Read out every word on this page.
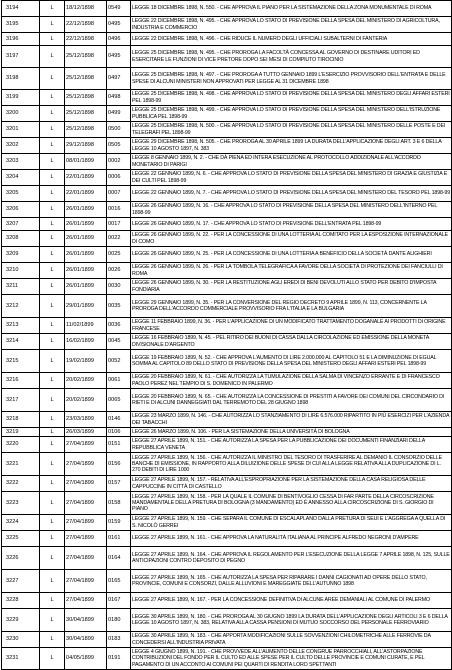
3194	L	18/12/1898	0549	LEGGE 18 DICEMBRE 1898, N. 550. - CHE APPROVA IL PIANO PER LA SISTEMAZIONE DELLA ZONA MONUMENTALE DI ROMA
3195	L	22/12/1898	0495	LEGGE 22 DICEMBRE 1898, N. 495. - CHE APPROVA LO STATO DI PREVISIONE DELLA SPESA DEL MINISTERO DI AGRICOLTURA, INDUSTRIA E COMMERCIO
3196	L	22/12/1898	0496	LEGGE 22 DICEMBRE 1898, N. 496. - CHE RIDUCE IL NUMERO DEGLI UFFICIALI SUBALTERNI DI FANTERIA
3197	L	25/12/1898	0495	LEGGE 25 DICEMBRE 1898, N. 495. - CHE PROROGA LA FACOLTÀ CONCESSA AL GOVERNO DI DESTINARE UDITORI ED ESERCITARE LE FUNZIONI DI VICE PRETORE DOPO SEI MESI DI COMPIUTO TIROCINIO
3198	L	25/12/1898	0497	LEGGE 25 DICEMBRE 1898, N. 497. - CHE PROROGA A TUTTO GENNAIO 1899 L'ESERCIZIO PROVVISORIO DELL'ENTRATA E DELLE SPESE DI ALCUNI MINISTERI NON APPROVATI PER LEGGE AL 31 DICEMBRE 1898
3199	L	25/12/1898	0498	LEGGE 25 DICEMBRE 1898, N. 498. - CHE APPROVA LO STATO DI PREVISIONE DELLA SPESA DEL MINISTERO DEGLI AFFARI ESTERI PEL 1898-99
3200	L	25/12/1898	0499	LEGGE 25 DICEMBRE 1898, N. 499. - CHE APPROVA LO STATO DI PREVISIONE DELLA SPESA DEL MINISTERO DELL'ISTRUZIONE PUBBLICA PEL 1898-99
3201	L	25/12/1898	0500	LEGGE 25 DICEMBRE 1898, N. 500. - CHE APPROVA LO STATO DI PREVISIONE DELLA SPESA DEL MINISTERO DELLE POSTE E DEI TELEGRAFI PEL 1898-99
3202	L	29/12/1898	0505	LEGGE 29 DICEMBRE 1898, N. 505. - CHE PROROGA AL 30 APRILE 1899 LA DURATA DELL'APPLICAZIONE DEGLI ART. 3 E 6 DELLA LEGGE 10 AGOSTO 1897, N. 383
3203	L	08/01/1899	0002	LEGGE 8 GENNAIO 1899, N. 2. - CHE DÀ PIENA ED INTERA ESECUZIONE AL PROTOCOLLO ADDIZIONALE ALL'ACCORDO MONETARIO DI PARIGI
3204	L	22/01/1899	0006	LEGGE 22 GENNAIO 1899, N. 6. - CHE APPROVA LO STATO DI PREVISIONE DELLA SPESA DEL MINISTERO DI GRAZIA E GIUSTIZIA E DEI CULTI PEL 1898-99
3205	L	22/01/1899	0007	LEGGE 22 GENNAIO 1899, N. 7. - CHE APPROVA LO STATO DI PREVISIONE DELLA SPESA DEL MINISTERO DEL TESORO PEL 1898-99
3206	L	26/01/1899	0016	LEGGE 26 GENNAIO 1899, N. 16. - CHE APPROVA LO STATO DI PREVISIONE DELLA SPESA DEL MINISTERO DELL'INTERNO PEL 1898-99
3207	L	26/01/1899	0017	LEGGE 26 GENNAIO 1899, N. 17. - CHE APPROVA LO STATO DI PREVISIONE DELL'ENTRATA PEL 1898-99
3208	L	26/01/1899	0022	LEGGE 26 GENNAIO 1899, N. 22. - PER LA CONCESSIONE DI UNA LOTTERIA AL COMITATO PER LA ESPOSIZIONE INTERNAZIONALE DI COMO
3209	L	26/01/1899	0025	LEGGE 26 GENNAIO 1899, N. 25. - PER LA CONCESSIONE DI UNA LOTTERIA A BENEFICIO DELLA SOCIETÀ DANTE ALIGHIERI
3210	L	26/01/1899	0026	LEGGE 26 GENNAIO 1899, N. 26. - PER LA TOMBOLA TELEGRAFICA A FAVORE DELLA SOCIETÀ DI PROTEZIONE DEI FANCIULLI DI ROMA
3211	L	26/01/1899	0030	LEGGE 26 GENNAIO 1899, N. 30. - PER LA RESTITUZIONE AGLI EREDI DI BENI DEVOLUTI ALLO STATO PER DEBITO D'IMPOSTA FONDIARIA
3212	L	29/01/1899	0035	LEGGE 29 GENNAIO 1899, N. 35. - PER LA CONVERSIONE DEL REGIO DECRETO 9 APRILE 1899, N. 113, CONCERNENTE LA PROROGA DELL'ACCORDO COMMERCIALE PROVVISORIO FRA L'ITALIA E LA BULGARIA
3213	L	11/02/1899	0036	LEGGE 11 FEBBRAIO 1899, N. 36. - PER L'APPLICAZIONE DI UN MODIFICATO TRATTAMENTO DOGANALE AI PRODOTTI DI ORIGINE FRANCESE
3214	L	16/02/1899	0045	LEGGE 16 FEBBRAIO 1899, N. 45. - PEL RITIRO DEI BUONI DI CASSA DALLA CIRCOLAZIONE ED EMISSIONE DELLA MONETA DIVISIONALE D'ARGENTO
3215	L	19/02/1899	0052	LEGGE 19 FEBBRAIO 1899, N. 52. - CHE APPROVA L'AUMENTO DI LIRE 2.000.000 AL CAPITOLO 51 E LA DIMINUZIONE DI EGUAL SOMMA AL CAPITOLO 89 DELLO STATO DI PREVISIONE DELLA SPESA DEL MINISTERO DEGLI AFFARI ESTERI PEL 1898-99
3216	L	20/02/1899	0061	LEGGE 20 FEBBRAIO 1899, N. 61. - CHE AUTORIZZA LA TUMULAZIONE DELLA SALMA DI VINCENZO ERRANTE E DI FRANCESCO PAOLO PEREZ NEL TEMPIO DI S. DOMENICO IN PALERMO
3217	L	20/02/1899	0065	LEGGE 20 FEBBRAIO 1899, N. 65. - CHE AUTORIZZA LA CONCESSIONE DI PRESTITI A FAVORE DEI COMUNI DEL CIRCONDARIO DI RIETI E DI ALCUNI DANNEGGIATI DAL TERREMOTO DEL 28 GIUGNO 1898
3218	L	23/03/1899	0146	LEGGE 23 MARZO 1899, N. 146. - CHE AUTORIZZA LO STANZIAMENTO DI LIRE 6.576.000 RIPARTITO IN PIÙ ESERCIZI PER L'AZIENDA DEI TABACCHI
3219	L	26/03/1899	0106	LEGGE 26 MARZO 1899, N. 106. - PER LA SISTEMAZIONE DELLA UNIVERSITÀ DI BOLOGNA
3220	L	27/04/1899	0151	LEGGE 27 APRILE 1899, N. 151. - CHE AUTORIZZA LA SPESA PER LA PUBBLICAZIONE DEI DOCUMENTI FINANZIARI DELLA REPUBBLICA VENETA
3221	L	27/04/1899	0156	LEGGE 27 APRILE 1899, N. 156. - CHE AUTORIZZA IL MINISTRO DEL TESORO DI TRASFERIRE AL DEMANIO IL CONSORZIO DELLE BANCHE DI EMISSIONE, IN RAPPORTO ALLA DILUIZIONE DELLE SPESE DI CUI ALLA LEGGE RELATIVA ALLA DUPLICAZIONE DI L. 270 DEBITI DI LIRE 1000
3222	L	27/04/1899	0157	LEGGE 27 APRILE 1899, N. 157. - RELATIVA ALL'ESPROPRIAZIONE PER LA SISTEMAZIONE DELLA CASA RELIGIOSA DELLE CAPPUCCINE IN CITTÀ DI CASTELLO
3223	L	27/04/1899	0158	LEGGE 27 APRILE 1899, N. 158. - PER LA QUALE IL COMUNE DI BENTIVOGLIO CESSA DI FAR PARTE DELLA CIRCOSCRIZIONE MANDAMENTALE DELLA PRETURA DI BOLOGNA (3 MANDAMENTO) ED È ANNESSO ALLA CIRCOSCRIZIONE DI S. GIORGIO DI PIANO
3224	L	27/04/1899	0159	LEGGE 27 APRILE 1899, N. 159. - CHE SEPARA IL COMUNE DI ESCALAPLANO DALLA PRETURA DI SEUI E L'AGGREGA A QUELLA DI S. NICOLÒ GERREI
3225	L	27/04/1899	0161	LEGGE 27 APRILE 1899, N. 161. - CHE APPROVA LA NATURALITÀ ITALIANA AL PRINCIPE ALFREDO NEGRONI D'AMPERE
3226	L	27/04/1899	0164	LEGGE 27 APRILE 1899, N. 164. - CHE APPROVA IL REGOLAMENTO PER L'ESECUZIONE DELLA LEGGE 7 APRILE 1898, N. 125, SULLE ANTICIPAZIONI CONTRO DEPOSITO DI PEGNO
3227	L	27/04/1899	0165	LEGGE 27 APRILE 1899, N. 165. - CHE AUTORIZZA LA SPESA PER RIPARARE I DANNI CAGIONATI AD OPERE DELLO STATO, PROVINCIE, COMUNI E CONSORZI, DALLE ALLUVIONI E MAREGGIATE DELL'AUTUNNO 1898
3228	L	27/04/1899	0167	LEGGE 27 APRILE 1899, N. 167. - PER LA CONCESSIONE DEFINITIVA DI ALCUNE AREE DEMANIALI AL COMUNE DI PALERMO
3229	L	30/04/1899	0180	LEGGE 30 APRILE 1899, N. 180. - CHE PROROGA AL 30 GIUGNO 1899 LA DURATA DELL'APPLICAZIONE DEGLI ARTICOLI 3 E 6 DELLA LEGGE 10 AGOSTO 1897, N. 383, RELATIVA ALLA CASSA PENSIONI DI MUTUO SOCCORSO DEL PERSONALE FERROVIARIO
3230	L	30/04/1899	0183	LEGGE 30 APRILE 1899, N. 183. - CHE APPORTA MODIFICAZIONI SULLE SOVVENZIONI CHILOMETRICHE ALLE FERROVIE DA CONCEDERSI ALL'INDUSTRIA PRIVATA
3231	L	04/05/1899	0191	LEGGE 4 GIUGNO 1899, N. 191. - CHE PROVVEDE ALL'AUMENTO DELLE CONGRUE PARROCCHIALI, ALL'ASTORPAZIONE CONTRIBUZIONI DEL FONDO PER IL CULTO ED ALLE SPESE PER IL CULTO DELLE PROVINCIE E COMUNI CURATE, E PEL PAGAMENTO DI UN ACCONTO AI COMUNI PEI QUARTI DI RENDITA LORO SPETTANTI
